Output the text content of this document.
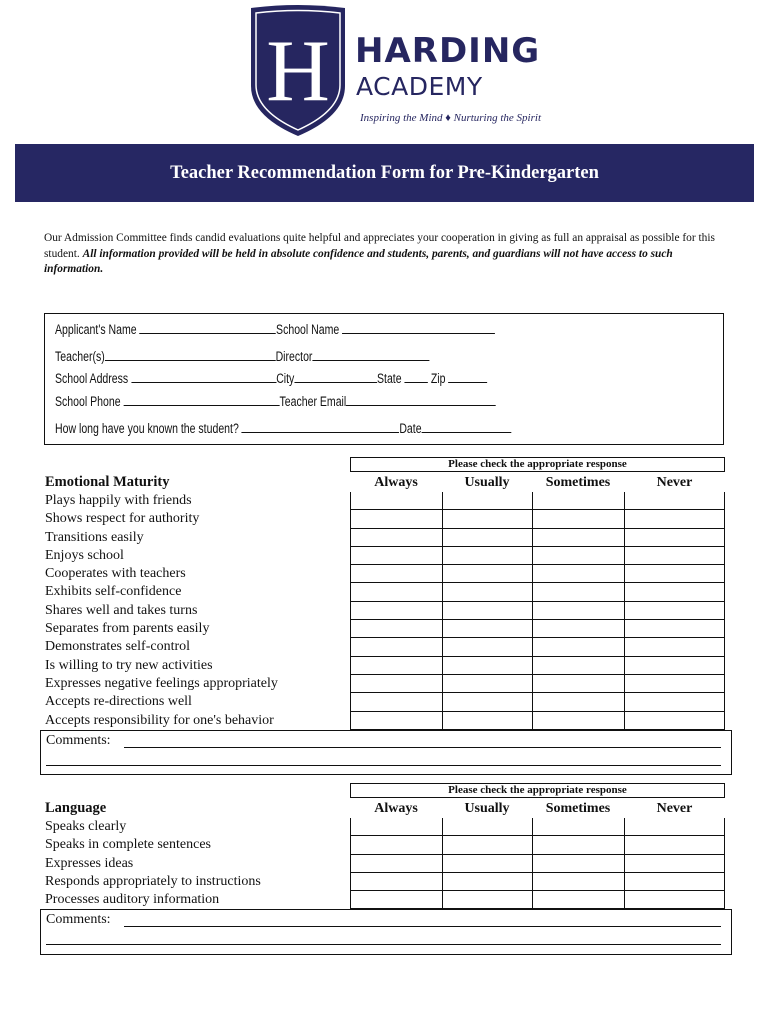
H HARDING
ACADEMY
Inspiring the Mind ♦ Nurturing the Spirit
Teacher Recommendation Form for Pre-Kindergarten

Our Admission Committee finds candid evaluations quite helpful and appreciates your cooperation in giving as full an appraisal as possible for this student. All information provided will be held in absolute confidence and students, parents, and guardians will not have access to such information.

Applicant's Name	School Name
Teacher(s)	Director
School Address	City	State Zip
School Phone	Teacher Email
How long have you known the student?	Date
Please check the appropriate response
Always	Usually	Sometimes	Never
Emotional Maturity
Plays happily with friends
Shows respect for authority
Transitions easily
Enjoys school
Cooperates with teachers
Exhibits self-confidence
Shares well and takes turns
Separates from parents easily
Demonstrates self-control
Is willing to try new activities
Expresses negative feelings appropriately
Accepts re-directions well
Accepts responsibility for one's behavior
Comments:
Please check the appropriate response
Always	Usually	Sometimes	Never
Language
Speaks clearly
Speaks in complete sentences
Expresses ideas
Responds appropriately to instructions
Processes auditory information
Comments:
